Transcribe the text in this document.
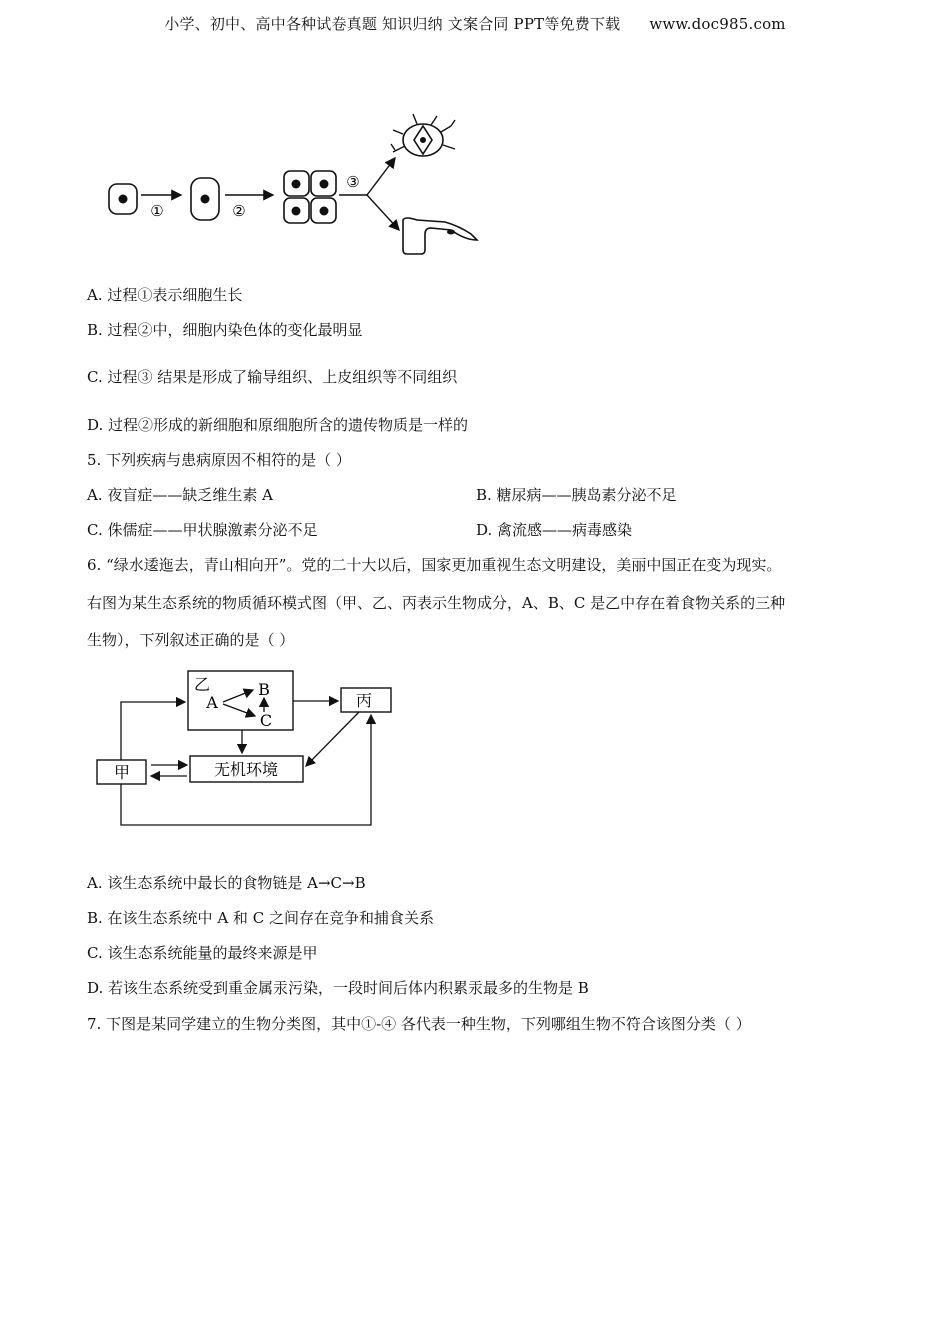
小学、初中、高中各种试卷真题 知识归纳 文案合同 PPT等免费下载 www.doc985.com
①	②
③
A. 过程①表示细胞生长
B. 过程②中，细胞内染色体的变化最明显
C. 过程③ 结果是形成了输导组织、上皮组织等不同组织
D. 过程②形成的新细胞和原细胞所含的遗传物质是一样的
5. 下列疾病与患病原因不相符的是（ ）
A. 夜盲症——缺乏维生素 A	B. 糖尿病——胰岛素分泌不足
C. 侏儒症——甲状腺激素分泌不足	D. 禽流感——病毒感染
6. “绿水逶迤去，青山相向开”。党的二十大以后，国家更加重视生态文明建设，美丽中国正在变为现实。
右图为某生态系统的物质循环模式图（甲、乙、丙表示生物成分，A、B、C 是乙中存在着食物关系的三种
生物），下列叙述正确的是（ ）
乙
A
B
C
丙
甲	无机环境
A. 该生态系统中最长的食物链是 A→C→B
B. 在该生态系统中 A 和 C 之间存在竞争和捕食关系
C. 该生态系统能量的最终来源是甲
D. 若该生态系统受到重金属汞污染，一段时间后体内积累汞最多的生物是 B
7. 下图是某同学建立的生物分类图，其中①-④ 各代表一种生物，下列哪组生物不符合该图分类（ ）
